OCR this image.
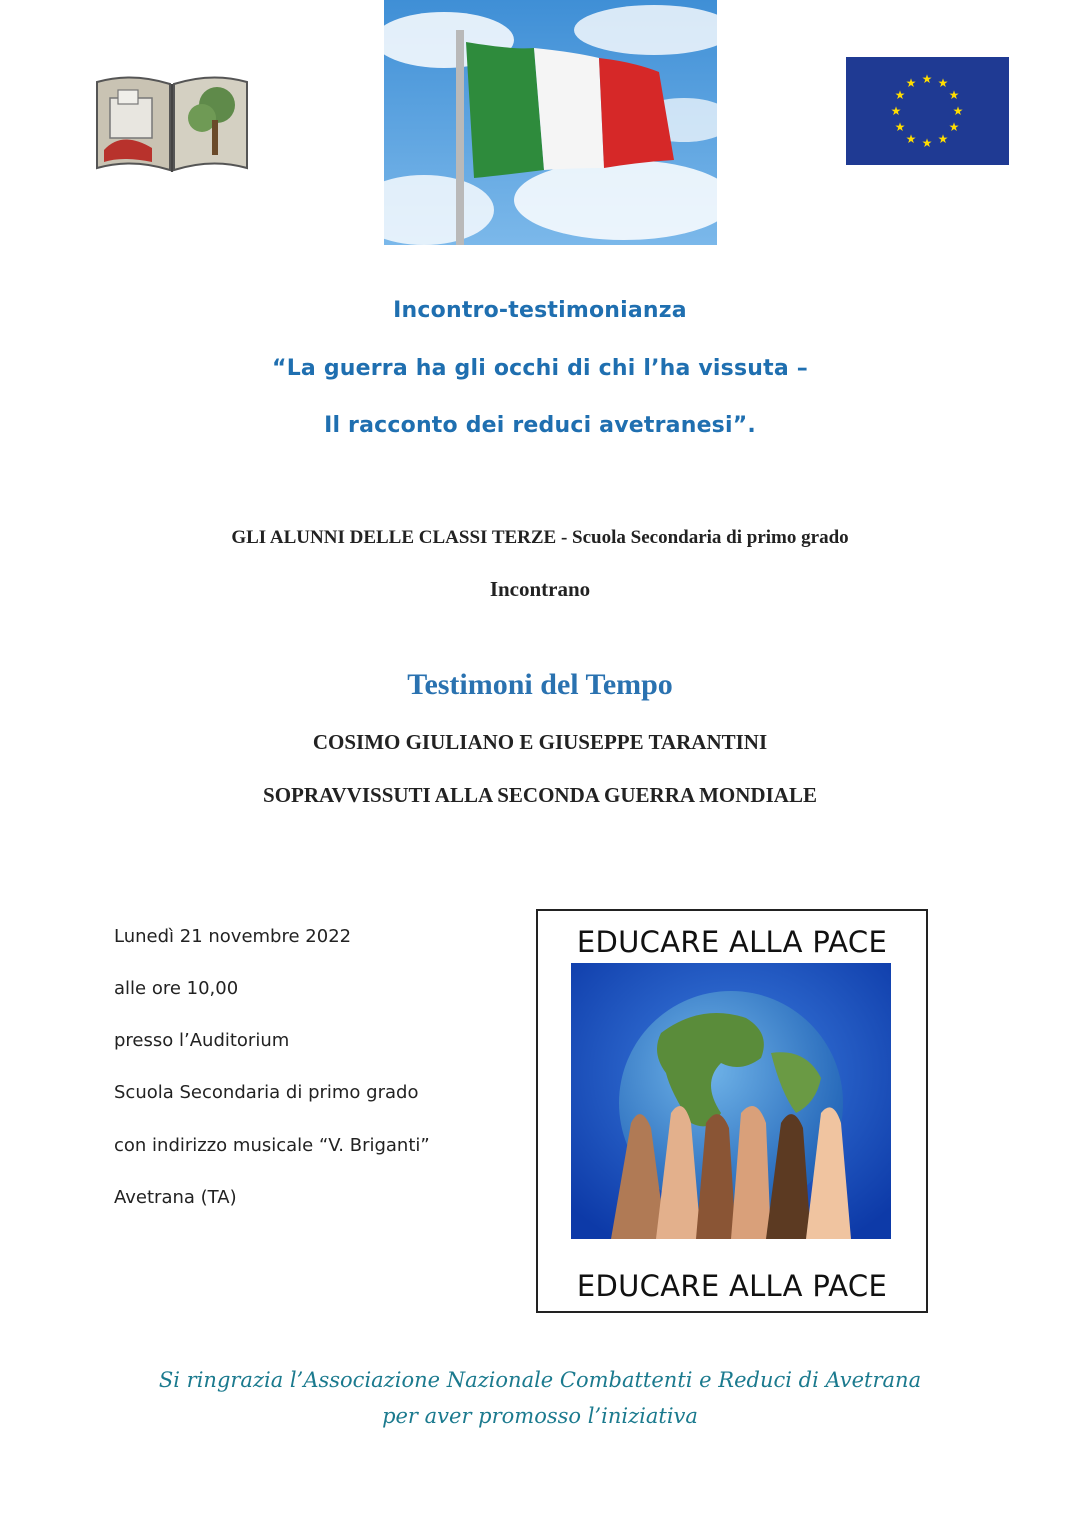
★ ★
★
★
★
★
★
★
★
★
★
★
Incontro-testimonianza
“La guerra ha gli occhi di chi l’ha vissuta –
Il racconto dei reduci avetranesi”.
GLI ALUNNI DELLE CLASSI TERZE - Scuola Secondaria di primo grado
Incontrano
Testimoni del Tempo
COSIMO GIULIANO E GIUSEPPE TARANTINI
SOPRAVVISSUTI ALLA SECONDA GUERRA MONDIALE
Lunedì 21 novembre 2022
alle ore 10,00
presso l’Auditorium
Scuola Secondaria di primo grado
con indirizzo musicale “V. Briganti”
Avetrana (TA)
EDUCARE ALLA PACE
EDUCARE ALLA PACE
Si ringrazia l’Associazione Nazionale Combattenti e Reduci di Avetrana
per aver promosso l’iniziativa
